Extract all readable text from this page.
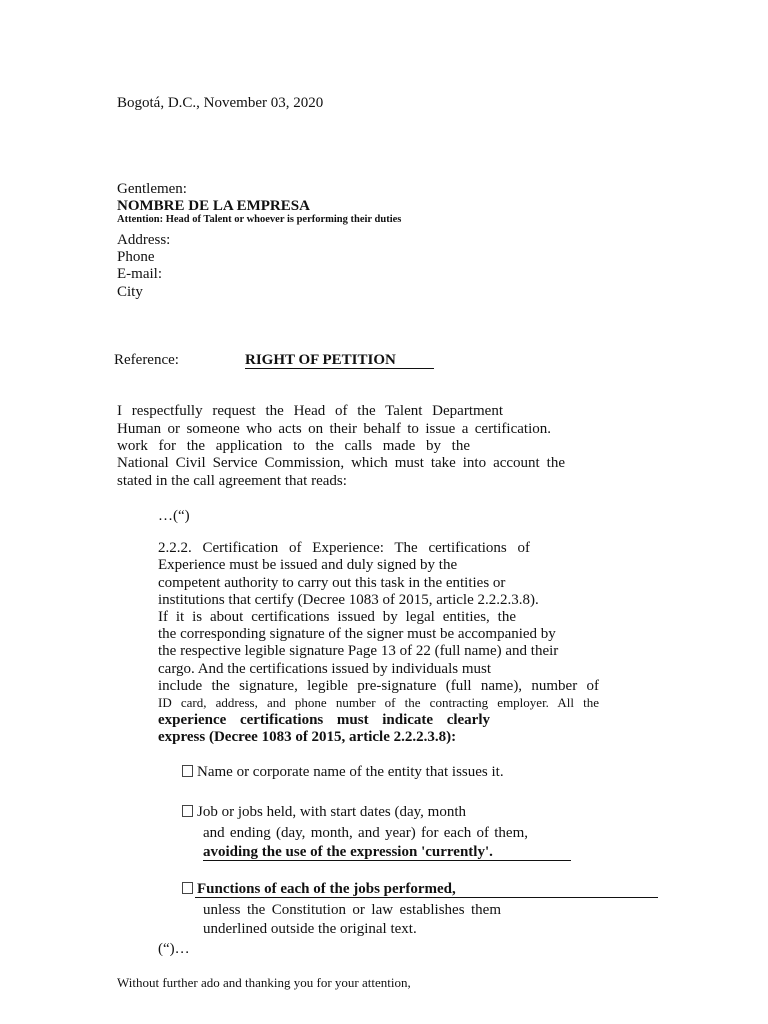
Bogotá, D.C., November 03, 2020
Gentlemen:
NOMBRE DE LA EMPRESA
Attention: Head of Talent or whoever is performing their duties
Address:
Phone
E-mail:
City
Reference:	RIGHT OF PETITION
I respectfully request the Head of the Talent Department
Human or someone who acts on their behalf to issue a certification.
work for the application to the calls made by the
National Civil Service Commission, which must take into account the
stated in the call agreement that reads:
…(“)
2.2.2. Certification of Experience: The certifications of
Experience must be issued and duly signed by the
competent authority to carry out this task in the entities or
institutions that certify (Decree 1083 of 2015, article 2.2.2.3.8).
If it is about certifications issued by legal entities, the
the corresponding signature of the signer must be accompanied by
the respective legible signature Page 13 of 22 (full name) and their
cargo. And the certifications issued by individuals must
include the signature, legible pre-signature (full name), number of
ID card, address, and phone number of the contracting employer. All the
experience certifications must indicate clearly
express (Decree 1083 of 2015, article 2.2.2.3.8):
Name or corporate name of the entity that issues it.
Job or jobs held, with start dates (day, month
and ending (day, month, and year) for each of them,
avoiding the use of the expression 'currently'.
Functions of each of the jobs performed,
unless the Constitution or law establishes them
underlined outside the original text.
(“)…
Without further ado and thanking you for your attention,
